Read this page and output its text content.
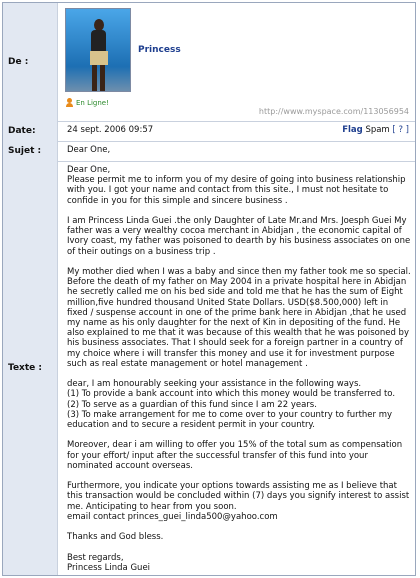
De :
Princess
En Ligne!
http://www.myspace.com/113056954
Date:	24 sept. 2006 09:57	Flag Spam [ ? ]
Sujet :	Dear One,
Texte :

Dear One,

Please permit me to inform you of my desire of going into business relationship with you. I got your name and contact from this site., I must not hesitate to confide in you for this simple and sincere business .

I am Princess Linda Guei .the only Daughter of Late Mr.and Mrs. Joesph Guei My father was a very wealthy cocoa merchant in Abidjan , the economic capital of Ivory coast, my father was poisoned to dearth by his business associates on one of their outings on a business trip .

My mother died when I was a baby and since then my father took me so special. Before the death of my father on May 2004 in a private hospital here in Abidjan he secretly called me on his bed side and told me that he has the sum of Eight million,five hundred thousand United State Dollars. USD($8.500,000) left in fixed / suspense account in one of the prime bank here in Abidjan ,that he used my name as his only daughter for the next of Kin in depositing of the fund. He also explained to me that it was because of this wealth that he was poisoned by his business associates. That I should seek for a foreign partner in a country of my choice where i will transfer this money and use it for investment purpose such as real estate management or hotel management .

dear, I am honourably seeking your assistance in the following ways.

(1) To provide a bank account into which this money would be transferred to.

(2) To serve as a guardian of this fund since I am 22 years.

(3) To make arrangement for me to come over to your country to further my education and to secure a resident permit in your country.

Moreover, dear i am willing to offer you 15% of the total sum as compensation for your effort/ input after the successful transfer of this fund into your nominated account overseas.

Furthermore, you indicate your options towards assisting me as I believe that this transaction would be concluded within (7) days you signify interest to assist me. Anticipating to hear from you soon.

email contact princes_guei_linda500@yahoo.com

Thanks and God bless.

Best regards,

Princess Linda Guei
